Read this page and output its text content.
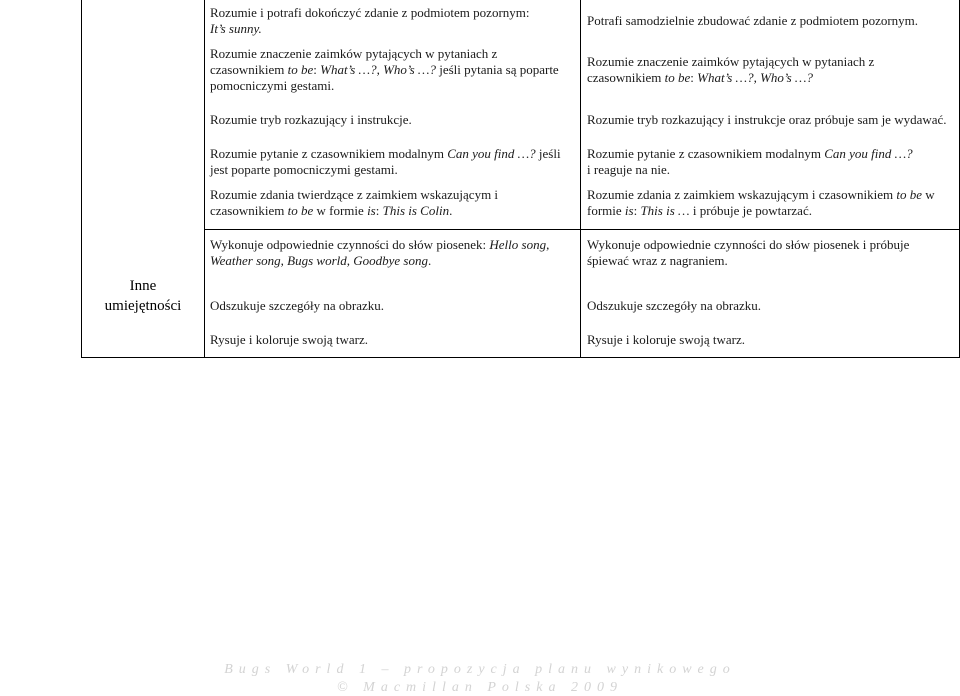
Inne
umiejętności

Rozumie i potrafi dokończyć zdanie z podmiotem pozornym:

It’s sunny.

Rozumie znaczenie zaimków pytających w pytaniach z

czasownikiem to be: What’s …?, Who’s …? jeśli pytania są poparte

pomocniczymi gestami.

Rozumie tryb rozkazujący i instrukcje.

Rozumie pytanie z czasownikiem modalnym Can you find …? jeśli

jest poparte pomocniczymi gestami.

Rozumie zdania twierdzące z zaimkiem wskazującym i

czasownikiem to be w formie is: This is Colin.

Wykonuje odpowiednie czynności do słów piosenek: Hello song,

Weather song, Bugs world, Goodbye song.

Odszukuje szczegóły na obrazku.

Rysuje i koloruje swoją twarz.

Potrafi samodzielnie zbudować zdanie z podmiotem pozornym.

Rozumie znaczenie zaimków pytających w pytaniach z

czasownikiem to be: What’s …?, Who’s …?

Rozumie tryb rozkazujący i instrukcje oraz próbuje sam je wydawać.

Rozumie pytanie z czasownikiem modalnym Can you find …?

i reaguje na nie.

Rozumie zdania z zaimkiem wskazującym i czasownikiem to be w

formie is: This is … i próbuje je powtarzać.

Wykonuje odpowiednie czynności do słów piosenek i próbuje

śpiewać wraz z nagraniem.

Odszukuje szczegóły na obrazku.

Rysuje i koloruje swoją twarz.

Bugs World 1 – propozycja planu wynikowego
© Macmillan Polska 2009
